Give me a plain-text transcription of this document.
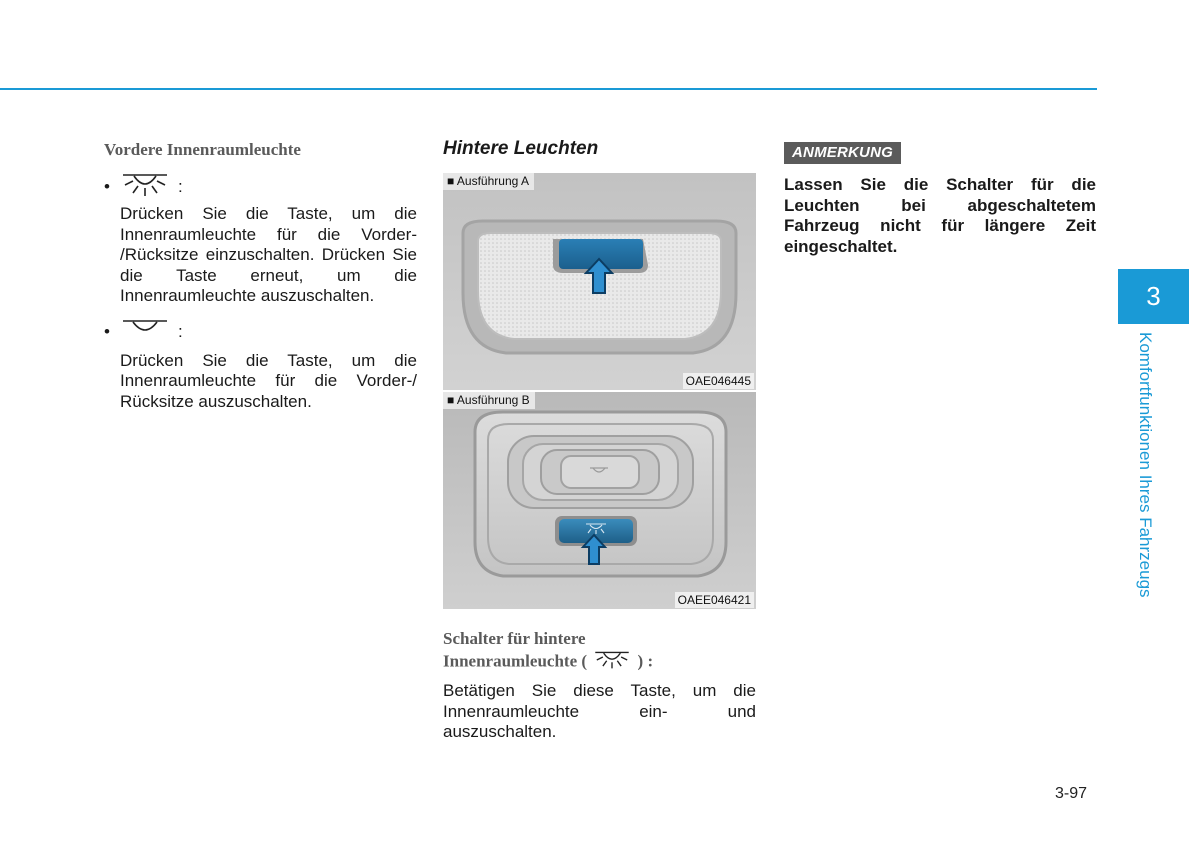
Vordere Innenraumleuchte
•	:
Drücken Sie die Taste, um die Innenraumleuchte für die Vorder- /Rücksitze einzuschalten. Drücken Sie die Taste erneut, um die Innenraumleuchte auszuschalten.
•	:
Drücken Sie die Taste, um die Innenraumleuchte für die Vorder-/ Rücksitze auszuschalten.
Hintere Leuchten
■ Ausführung A
OAE046445
■ Ausführung B
OAEE046421
Schalter für hintere
Innenraumleuchte (	) :
Betätigen Sie diese Taste, um die Innenraumleuchte ein- und auszuschalten.
ANMERKUNG
Lassen Sie die Schalter für die Leuchten bei abgeschaltetem Fahrzeug nicht für längere Zeit eingeschaltet.
3
Komfortfunktionen Ihres Fahrzeugs
3-97
